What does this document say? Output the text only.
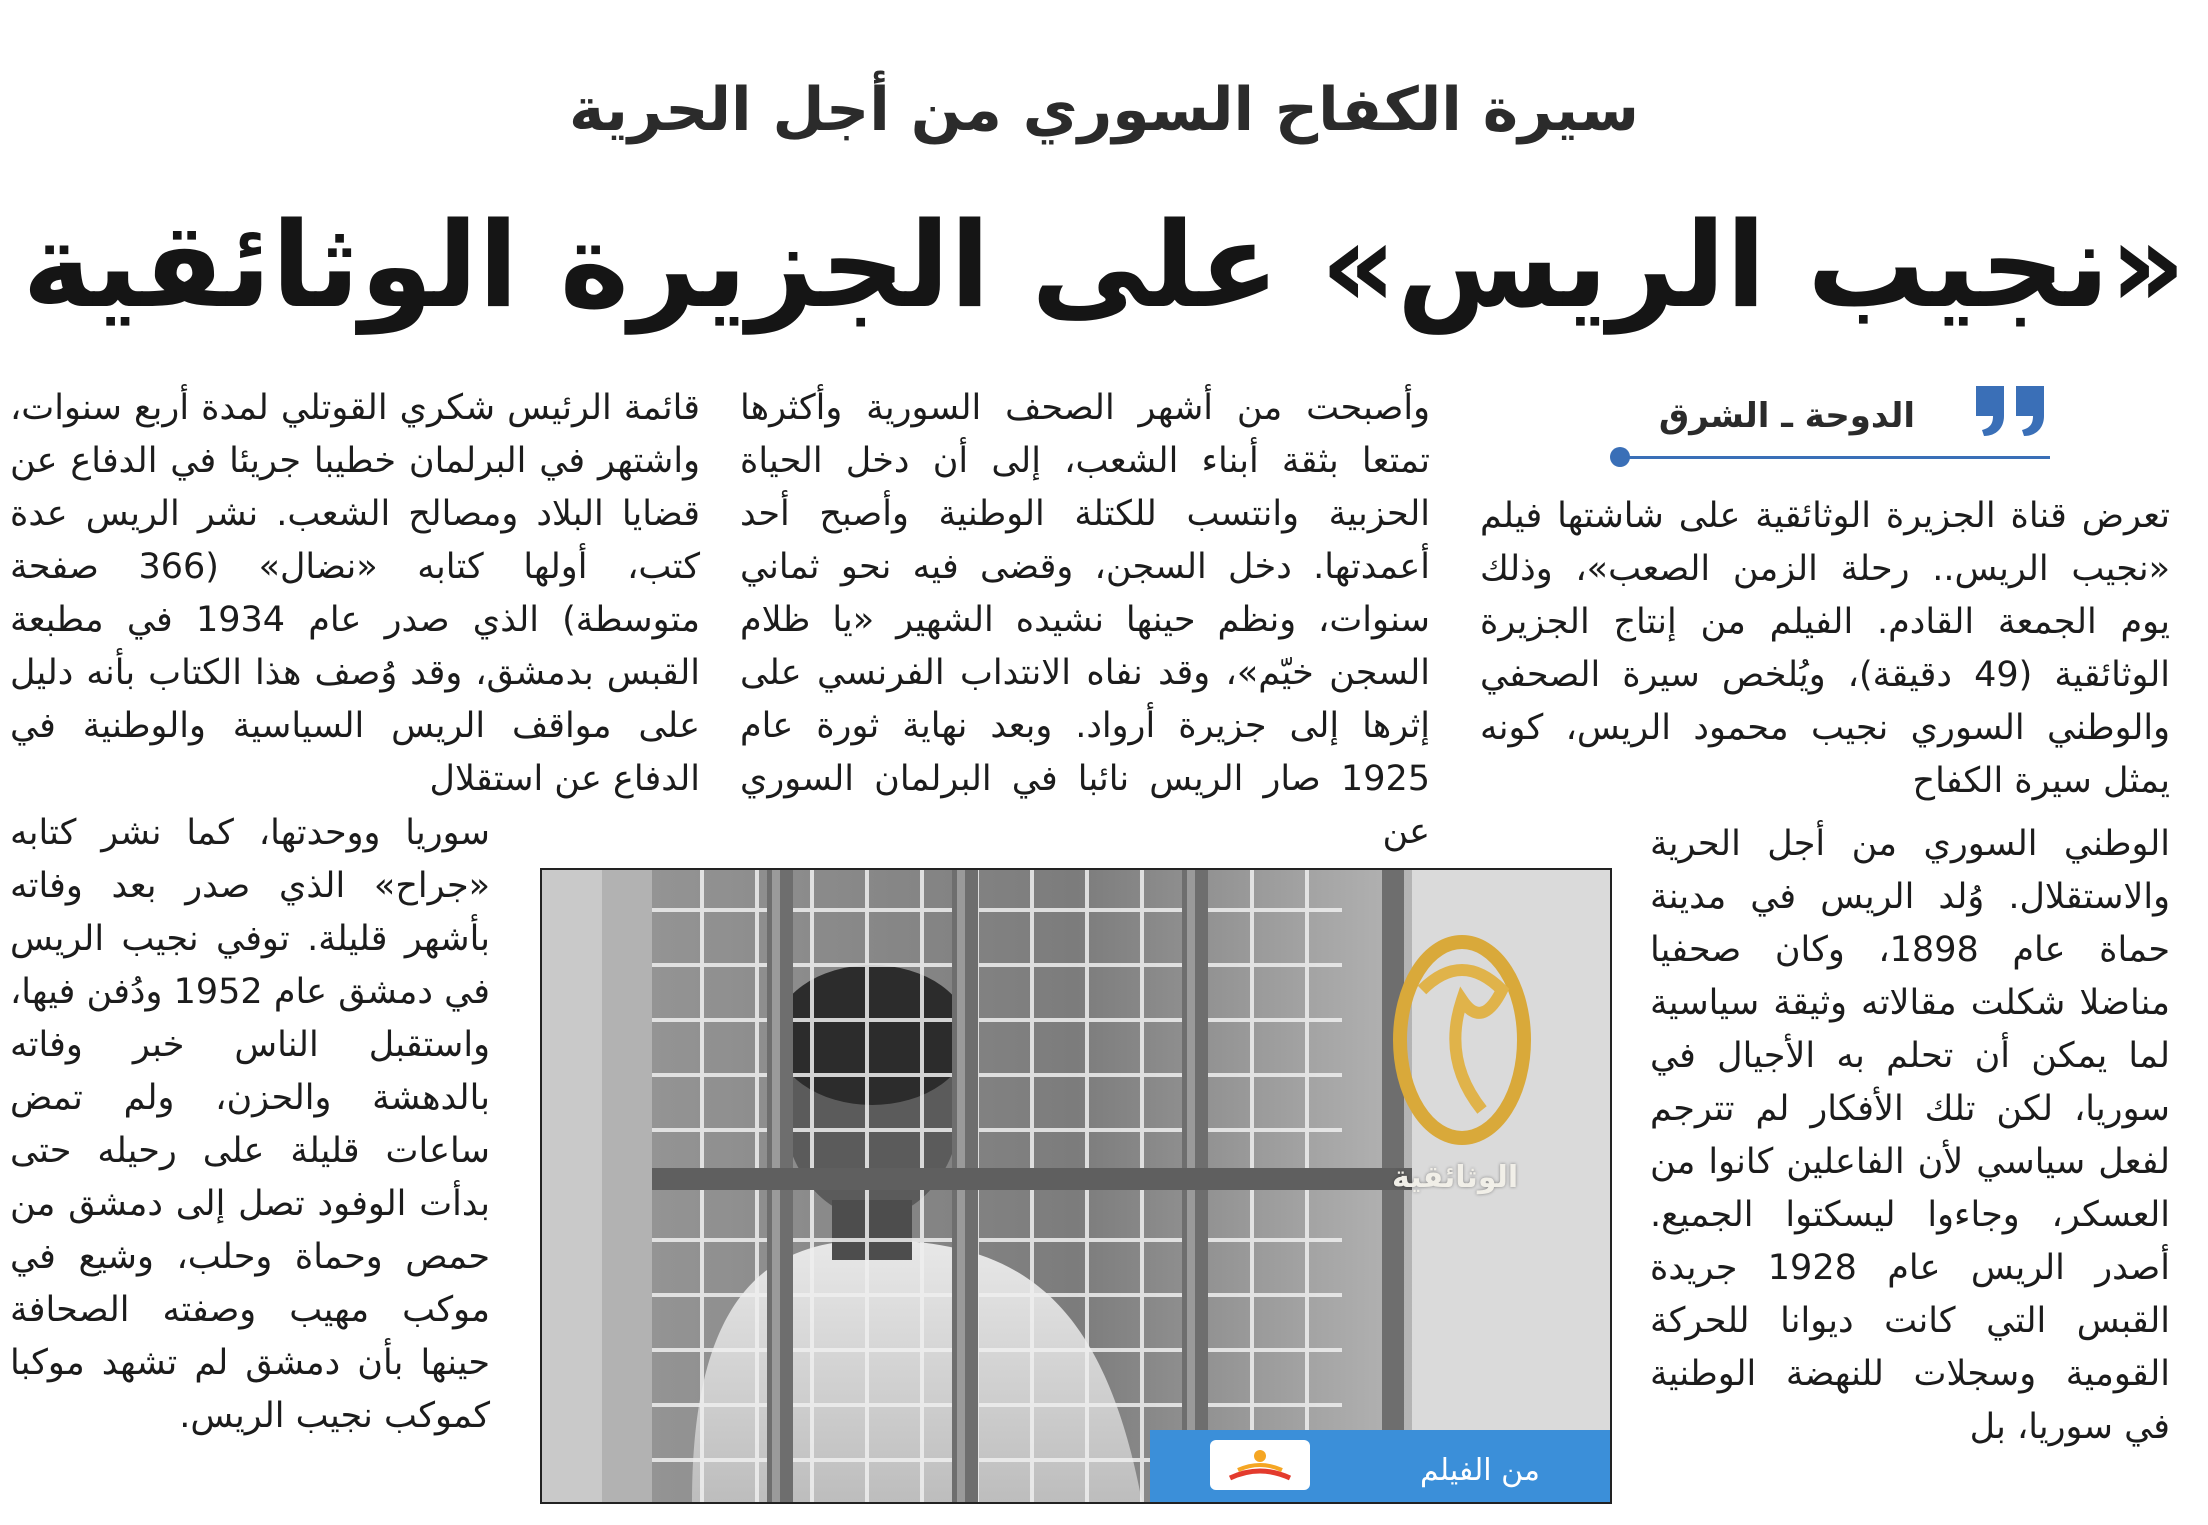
سيرة الكفاح السوري من أجل الحرية
«نجيب الريس» على الجزيرة الوثائقية
الدوحة ـ الشرق

تعرض قناة الجزيرة الوثائقية على شاشتها فيلم «نجيب الريس.. رحلة الزمن الصعب»، وذلك يوم الجمعة القادم. الفيلم من إنتاج الجزيرة الوثائقية (49 دقيقة)، ويُلخص سيرة الصحفي والوطني السوري نجيب محمود الريس، كونه يمثل سيرة الكفاح

الوطني السوري من أجل الحرية والاستقلال. وُلد الريس في مدينة حماة عام 1898، وكان صحفيا مناضلا شكلت مقالاته وثيقة سياسية لما يمكن أن تحلم به الأجيال في سوريا، لكن تلك الأفكار لم تترجم لفعل سياسي لأن الفاعلين كانوا من العسكر، وجاءوا ليسكتوا الجميع. أصدر الريس عام 1928 جريدة القبس التي كانت ديوانا للحركة القومية وسجلات للنهضة الوطنية في سوريا، بل

وأصبحت من أشهر الصحف السورية وأكثرها تمتعا بثقة أبناء الشعب، إلى أن دخل الحياة الحزبية وانتسب للكتلة الوطنية وأصبح أحد أعمدتها. دخل السجن، وقضى فيه نحو ثماني سنوات، ونظم حينها نشيده الشهير «يا ظلام السجن خيّم»، وقد نفاه الانتداب الفرنسي على إثرها إلى جزيرة أرواد. وبعد نهاية ثورة عام 1925 صار الريس نائبا في البرلمان السوري عن

قائمة الرئيس شكري القوتلي لمدة أربع سنوات، واشتهر في البرلمان خطيبا جريئا في الدفاع عن قضايا البلاد ومصالح الشعب. نشر الريس عدة كتب، أولها كتابه «نضال» (366 صفحة متوسطة) الذي صدر عام 1934 في مطبعة القبس بدمشق، وقد وُصف هذا الكتاب بأنه دليل على مواقف الريس السياسية والوطنية في الدفاع عن استقلال

سوريا ووحدتها، كما نشر كتابه «جراح» الذي صدر بعد وفاته بأشهر قليلة. توفي نجيب الريس في دمشق عام 1952 ودُفن فيها، واستقبل الناس خبر وفاته بالدهشة والحزن، ولم تمض ساعات قليلة على رحيله حتى بدأت الوفود تصل إلى دمشق من حمص وحماة وحلب، وشيع في موكب مهيب وصفته الصحافة حينها بأن دمشق لم تشهد موكبا كموكب نجيب الريس.

الوثائقية
من الفيلم
